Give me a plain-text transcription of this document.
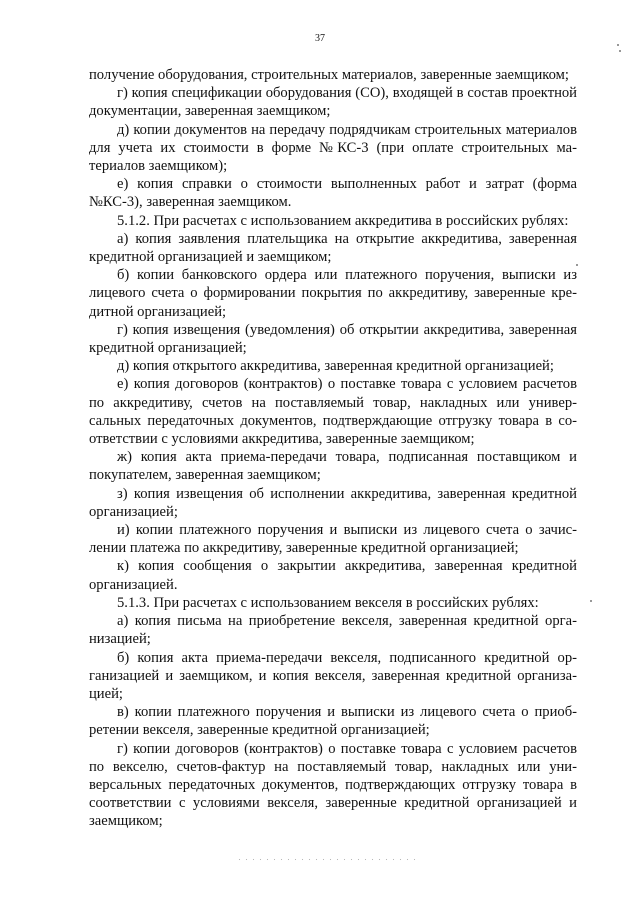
37

получение оборудования, строительных материалов, заверенные заемщиком;

г) копия спецификации оборудования (СО), входящей в состав проектной документации, заверенная заемщиком;

д) копии документов на передачу подрядчикам строительных материалов для учета их стоимости в форме №КС-3 (при оплате строительных материалов заемщиком);

е) копия справки о стоимости выполненных работ и затрат (форма №КС-3), заверенная заемщиком.

5.1.2. При расчетах с использованием аккредитива в российских рублях:

а) копия заявления плательщика на открытие аккредитива, заверенная кредитной организацией и заемщиком;

б) копии банковского ордера или платежного поручения, выписки из лицевого счета о формировании покрытия по аккредитиву, заверенные кредитной организацией;

г) копия извещения (уведомления) об открытии аккредитива, заверенная кредитной организацией;

д) копия открытого аккредитива, заверенная кредитной организацией;

е) копия договоров (контрактов) о поставке товара с условием расчетов по аккредитиву, счетов на поставляемый товар, накладных или универсальных передаточных документов, подтверждающие отгрузку товара в соответствии с условиями аккредитива, заверенные заемщиком;

ж) копия акта приема-передачи товара, подписанная поставщиком и покупателем, заверенная заемщиком;

з) копия извещения об исполнении аккредитива, заверенная кредитной организацией;

и) копии платежного поручения и выписки из лицевого счета о зачислении платежа по аккредитиву, заверенные кредитной организацией;

к) копия сообщения о закрытии аккредитива, заверенная кредитной организацией.

5.1.3. При расчетах с использованием векселя в российских рублях:

а) копия письма на приобретение векселя, заверенная кредитной организацией;

б) копия акта приема-передачи векселя, подписанного кредитной организацией и заемщиком, и копия векселя, заверенная кредитной организацией;

в) копии платежного поручения и выписки из лицевого счета о приобретении векселя, заверенные кредитной организацией;

г) копии договоров (контрактов) о поставке товара с условием расчетов по векселю, счетов-фактур на поставляемый товар, накладных или универсальных передаточных документов, подтверждающих отгрузку товара в соответствии с условиями векселя, заверенные кредитной организацией и заемщиком;
